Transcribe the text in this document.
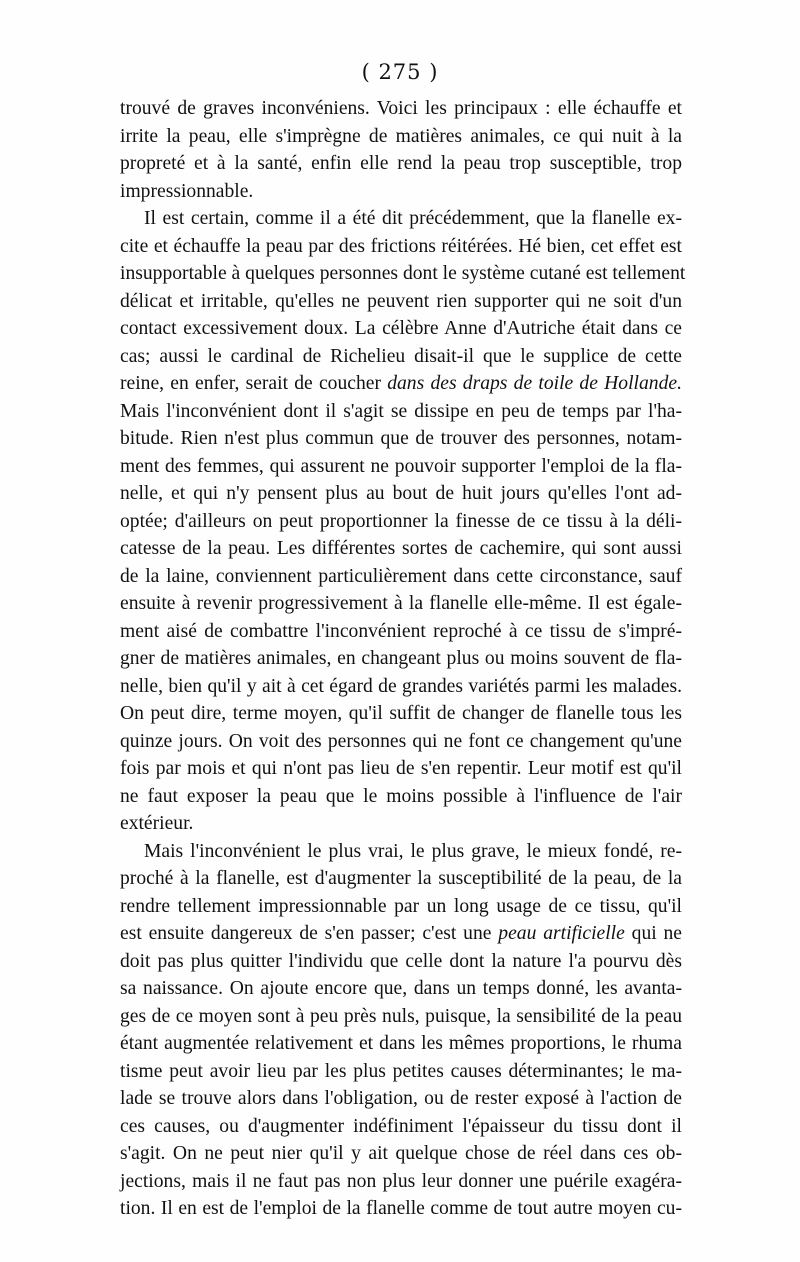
( 275 )
trouvé de graves inconvéniens. Voici les principaux : elle échauffe et
irrite la peau, elle s'imprègne de matières animales, ce qui nuit à la
propreté et à la santé, enfin elle rend la peau trop susceptible, trop
impressionnable.
Il est certain, comme il a été dit précédemment, que la flanelle ex-
cite et échauffe la peau par des frictions réitérées. Hé bien, cet effet est
insupportable à quelques personnes dont le système cutané est tellement
délicat et irritable, qu'elles ne peuvent rien supporter qui ne soit d'un
contact excessivement doux. La célèbre Anne d'Autriche était dans ce
cas; aussi le cardinal de Richelieu disait-il que le supplice de cette
reine, en enfer, serait de coucher dans des draps de toile de Hollande.
Mais l'inconvénient dont il s'agit se dissipe en peu de temps par l'ha-
bitude. Rien n'est plus commun que de trouver des personnes, notam-
ment des femmes, qui assurent ne pouvoir supporter l'emploi de la fla-
nelle, et qui n'y pensent plus au bout de huit jours qu'elles l'ont ad-
optée; d'ailleurs on peut proportionner la finesse de ce tissu à la déli-
catesse de la peau. Les différentes sortes de cachemire, qui sont aussi
de la laine, conviennent particulièrement dans cette circonstance, sauf
ensuite à revenir progressivement à la flanelle elle-même. Il est égale-
ment aisé de combattre l'inconvénient reproché à ce tissu de s'impré-
gner de matières animales, en changeant plus ou moins souvent de fla-
nelle, bien qu'il y ait à cet égard de grandes variétés parmi les malades.
On peut dire, terme moyen, qu'il suffit de changer de flanelle tous les
quinze jours. On voit des personnes qui ne font ce changement qu'une
fois par mois et qui n'ont pas lieu de s'en repentir. Leur motif est qu'il
ne faut exposer la peau que le moins possible à l'influence de l'air
extérieur.
Mais l'inconvénient le plus vrai, le plus grave, le mieux fondé, re-
proché à la flanelle, est d'augmenter la susceptibilité de la peau, de la
rendre tellement impressionnable par un long usage de ce tissu, qu'il
est ensuite dangereux de s'en passer; c'est une peau artificielle qui ne
doit pas plus quitter l'individu que celle dont la nature l'a pourvu dès
sa naissance. On ajoute encore que, dans un temps donné, les avanta-
ges de ce moyen sont à peu près nuls, puisque, la sensibilité de la peau
étant augmentée relativement et dans les mêmes proportions, le rhuma
tisme peut avoir lieu par les plus petites causes déterminantes; le ma-
lade se trouve alors dans l'obligation, ou de rester exposé à l'action de
ces causes, ou d'augmenter indéfiniment l'épaisseur du tissu dont il
s'agit. On ne peut nier qu'il y ait quelque chose de réel dans ces ob-
jections, mais il ne faut pas non plus leur donner une puérile exagéra-
tion. Il en est de l'emploi de la flanelle comme de tout autre moyen cu-
